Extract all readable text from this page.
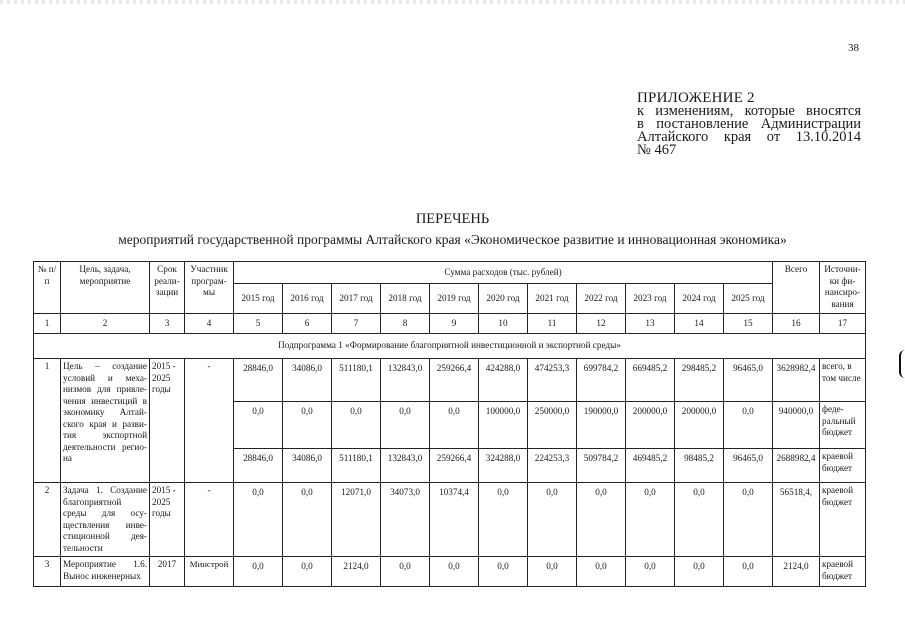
38
ПРИЛОЖЕНИЕ 2
к изменениям, которые вносятся
в постановление Администрации
Алтайского края от 13.10.2014
№ 467
ПЕРЕЧЕНЬ
мероприятий государственной программы Алтайского края «Экономическое развитие и инновационная экономика»
№ п/п	Цель, задача, мероприятие	Срок реали- зации	Участник програм- мы	Сумма расходов (тыс. рублей)											Всего	Источни- ки фи- нансиро- вания
				2015 год	2016 год	2017 год	2018 год	2019 год	2020 год	2021 год	2022 год	2023 год	2024 год	2025 год		
1	2	3	4	5	6	7	8	9	10	11	12	13	14	15	16	17
Подпрограмма 1 «Формирование благоприятной инвестиционной и экспортной среды»																
1	Цель – создание условий и меха- низмов для привле- чения инвестиций в экономику Алтай- ского края и разви- тия экспортной деятельности регио- на	2015 - 2025 годы	-	28846,0	34086,0	511180,1	132843,0	259266,4	424288,0	474253,3	699784,2	669485,2	298485,2	96465,0	3628982,4	всего, в том числе
				0,0	0,0	0,0	0,0	0,0	100000,0	250000,0	190000,0	200000,0	200000,0	0,0	940000,0	феде- ральный бюджет
				28846,0	34086,0	511180,1	132843,0	259266,4	324288,0	224253,3	509784,2	469485,2	98485,2	96465,0	2688982,4	краевой бюджет
2	Задача 1. Создание благоприятной среды для осу- ществления инве- стиционной дея- тельности	2015 - 2025 годы	-	0,0	0,0	12071,0	34073,0	10374,4	0,0	0,0	0,0	0,0	0,0	0,0	56518,4,	краевой бюджет
3	Мероприятие 1.6. Вынос инженерных	2017	Минстрой	0,0	0,0	2124,0	0,0	0,0	0,0	0,0	0,0	0,0	0,0	0,0	2124,0	краевой бюджет
